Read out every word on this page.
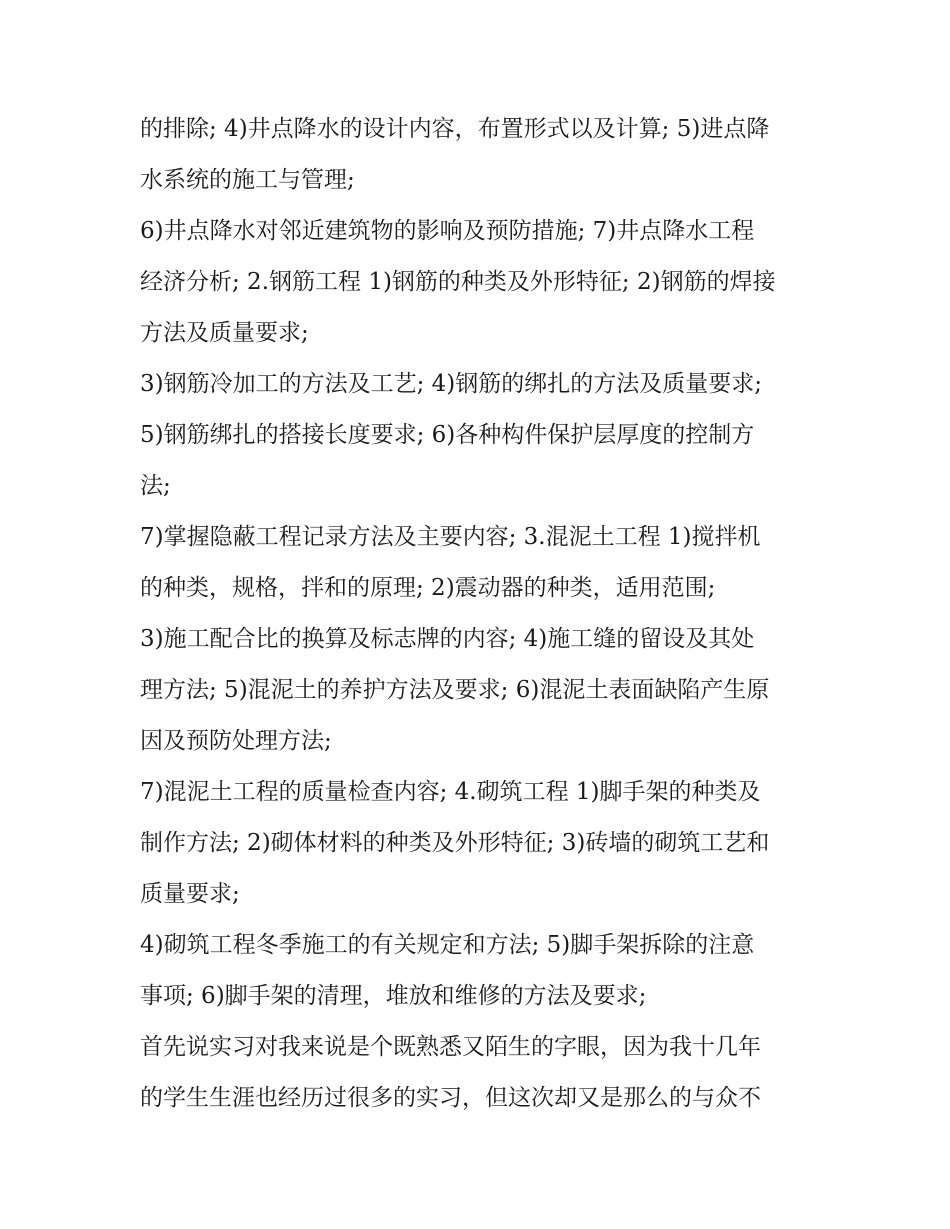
的排除; 4)井点降水的设计内容，布置形式以及计算; 5)进点降
水系统的施工与管理;
6)井点降水对邻近建筑物的影响及预防措施; 7)井点降水工程
经济分析; 2.钢筋工程 1)钢筋的种类及外形特征; 2)钢筋的焊接
方法及质量要求;
3)钢筋冷加工的方法及工艺; 4)钢筋的绑扎的方法及质量要求;
5)钢筋绑扎的搭接长度要求; 6)各种构件保护层厚度的控制方
法;
7)掌握隐蔽工程记录方法及主要内容; 3.混泥土工程 1)搅拌机
的种类，规格，拌和的原理; 2)震动器的种类，适用范围;
3)施工配合比的换算及标志牌的内容; 4)施工缝的留设及其处
理方法; 5)混泥土的养护方法及要求; 6)混泥土表面缺陷产生原
因及预防处理方法;
7)混泥土工程的质量检查内容; 4.砌筑工程 1)脚手架的种类及
制作方法; 2)砌体材料的种类及外形特征; 3)砖墙的砌筑工艺和
质量要求;
4)砌筑工程冬季施工的有关规定和方法; 5)脚手架拆除的注意
事项; 6)脚手架的清理，堆放和维修的方法及要求;
首先说实习对我来说是个既熟悉又陌生的字眼，因为我十几年
的学生生涯也经历过很多的实习，但这次却又是那么的与众不
